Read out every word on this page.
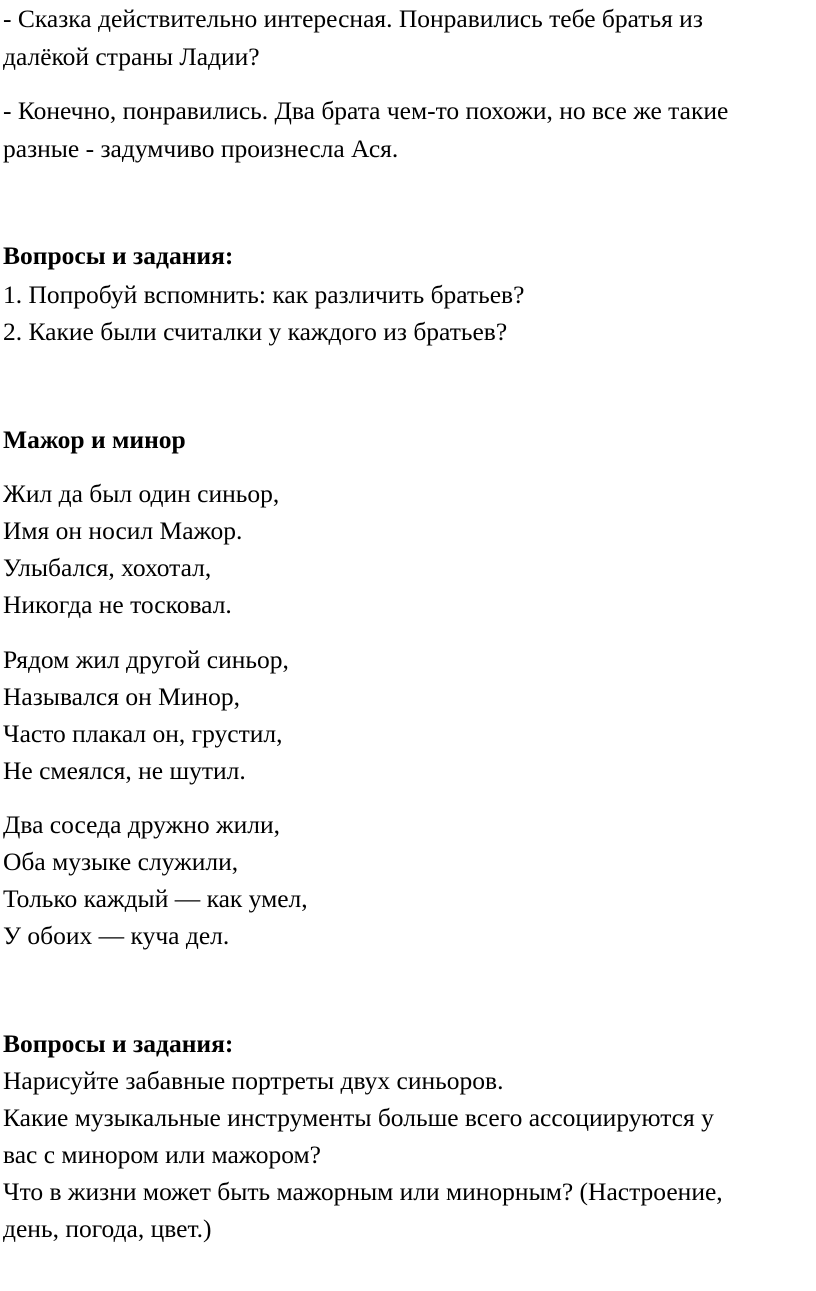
- Сказка действительно интересная. Понравились тебе братья из
далёкой страны Ладии?
- Конечно, понравились. Два брата чем-то похожи, но все же такие
разные - задумчиво произнесла Ася.
Вопросы и задания:
1. Попробуй вспомнить: как различить братьев?
2. Какие были считалки у каждого из братьев?
Мажор и минор
Жил да был один синьор,
Имя он носил Мажор.
Улыбался, хохотал,
Никогда не тосковал.
Рядом жил другой синьор,
Назывался он Минор,
Часто плакал он, грустил,
Не смеялся, не шутил.
Два соседа дружно жили,
Оба музыке служили,
Только каждый — как умел,
У обоих — куча дел.
Вопросы и задания:
Нарисуйте забавные портреты двух синьоров.
Какие музыкальные инструменты больше всего ассоциируются у
вас с минором или мажором?
Что в жизни может быть мажорным или минорным? (Настроение,
день, погода, цвет.)
